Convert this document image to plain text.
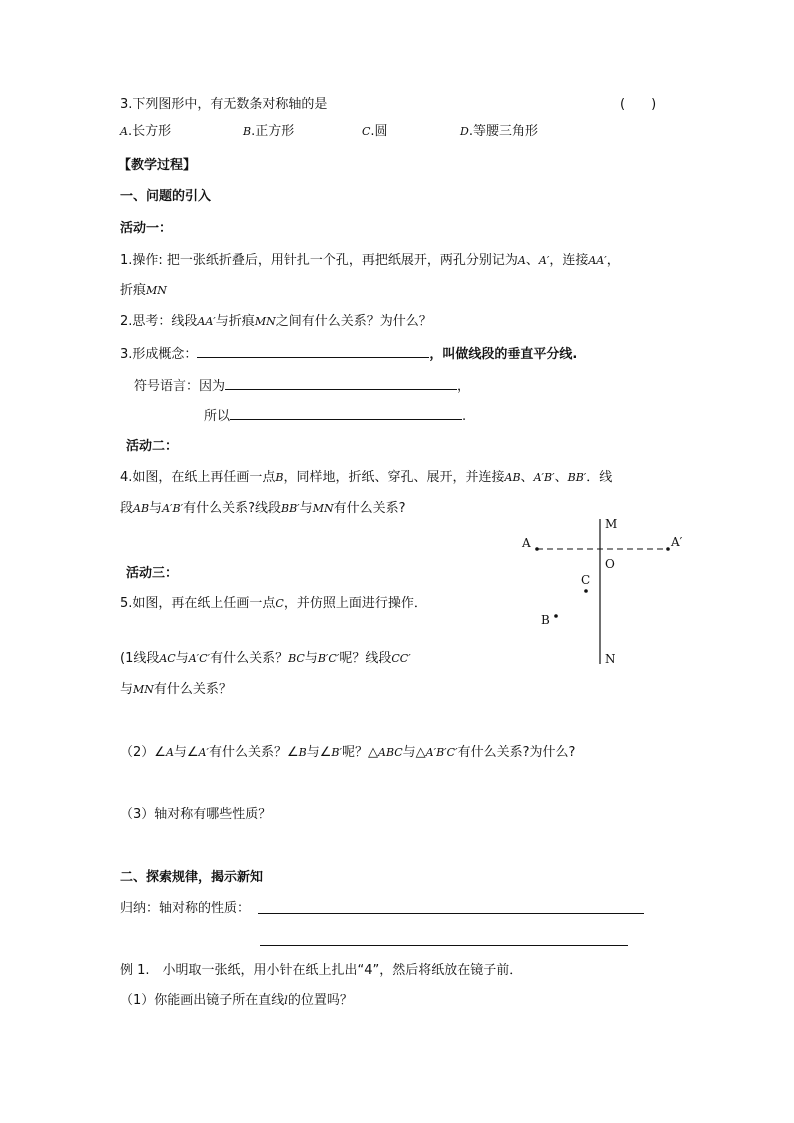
3.下列图形中，有无数条对称轴的是	(　　)
A.长方形	B.正方形	C.圆	D.等腰三角形
【教学过程】
一、问题的引入
活动一：
1.操作: 把一张纸折叠后，用针扎一个孔，再把纸展开，两孔分别记为A、A′，连接AA′，
折痕MN
2.思考：线段AA′与折痕MN之间有什么关系？为什么？
3.形成概念：	，叫做线段的垂直平分线.
符号语言：因为	，
所以	.
活动二：
4.如图，在纸上再任画一点B，同样地，折纸、穿孔、展开，并连接AB、A′B′、BB′．线
段AB与A′B′有什么关系?线段BB′与MN有什么关系?
M
N
O
A	A′
C
B
活动三：
5.如图，再在纸上任画一点C，并仿照上面进行操作．
(1线段AC与A′C′有什么关系？BC与B′C′呢？线段CC′
与MN有什么关系？
（2）∠A与∠A′有什么关系？∠B与∠B′呢？△ABC与△A′B′C′有什么关系?为什么?
（3）轴对称有哪些性质？
二、探索规律，揭示新知
归纳：轴对称的性质：
例 1.　小明取一张纸，用小针在纸上扎出“4”，然后将纸放在镜子前．
（1）你能画出镜子所在直线l的位置吗？
